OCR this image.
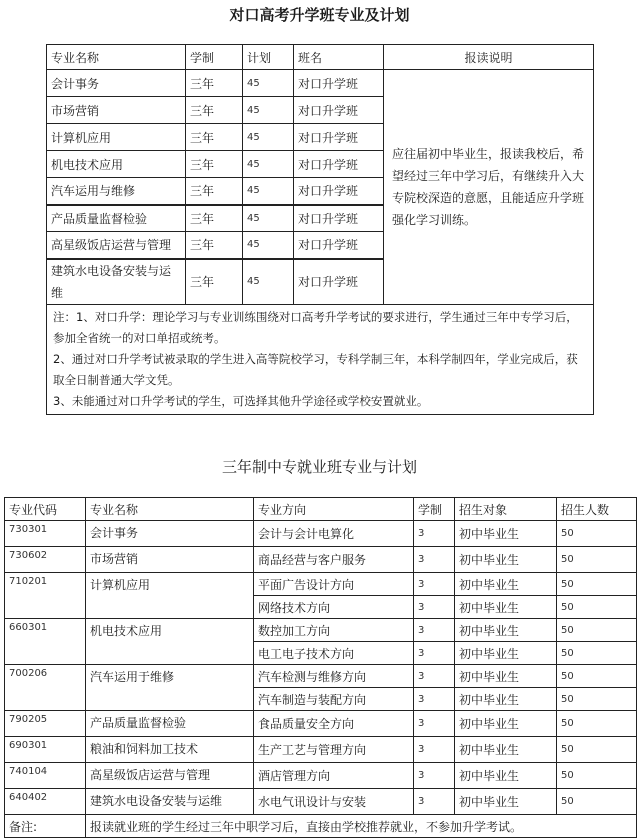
对口高考升学班专业及计划
专业名称	学制	计划	班名	报读说明
会计事务	三年	45	对口升学班	应往届初中毕业生，报读我校后，希望经过三年中学习后，有继续升入大专院校深造的意愿，且能适应升学班强化学习训练。
市场营销	三年	45	对口升学班	
计算机应用	三年	45	对口升学班	
机电技术应用	三年	45	对口升学班	
汽车运用与维修	三年	45	对口升学班	
产品质量监督检验	三年	45	对口升学班	
高星级饭店运营与管理	三年	45	对口升学班	
建筑水电设备安装与运维	三年	45	对口升学班	

注：1、对口升学：理论学习与专业训练围绕对口高考升学考试的要求进行，学生通过三年中专学习后，参加全省统一的对口单招或统考。
2、通过对口升学考试被录取的学生进入高等院校学习，专科学制三年，本科学制四年，学业完成后，获取全日制普通大学文凭。
3、未能通过对口升学考试的学生，可选择其他升学途径或学校安置就业。				
三年制中专就业班专业与计划
专业代码	专业名称	专业方向	学制	招生对象	招生人数
730301	会计事务	会计与会计电算化	3	初中毕业生	50
730602	市场营销	商品经营与客户服务	3	初中毕业生	50
710201	计算机应用	平面广告设计方向	3	初中毕业生	50
		网络技术方向	3	初中毕业生	50
660301	机电技术应用	数控加工方向	3	初中毕业生	50
		电工电子技术方向	3	初中毕业生	50
700206	汽车运用于维修	汽车检测与维修方向	3	初中毕业生	50
		汽车制造与装配方向	3	初中毕业生	50
790205	产品质量监督检验	食品质量安全方向	3	初中毕业生	50
690301	粮油和饲料加工技术	生产工艺与管理方向	3	初中毕业生	50
740104	高星级饭店运营与管理	酒店管理方向	3	初中毕业生	50
640402	建筑水电设备安装与运维	水电气讯设计与安装	3	初中毕业生	50
备注:	报读就业班的学生经过三年中职学习后，直接由学校推荐就业，不参加升学考试。				
